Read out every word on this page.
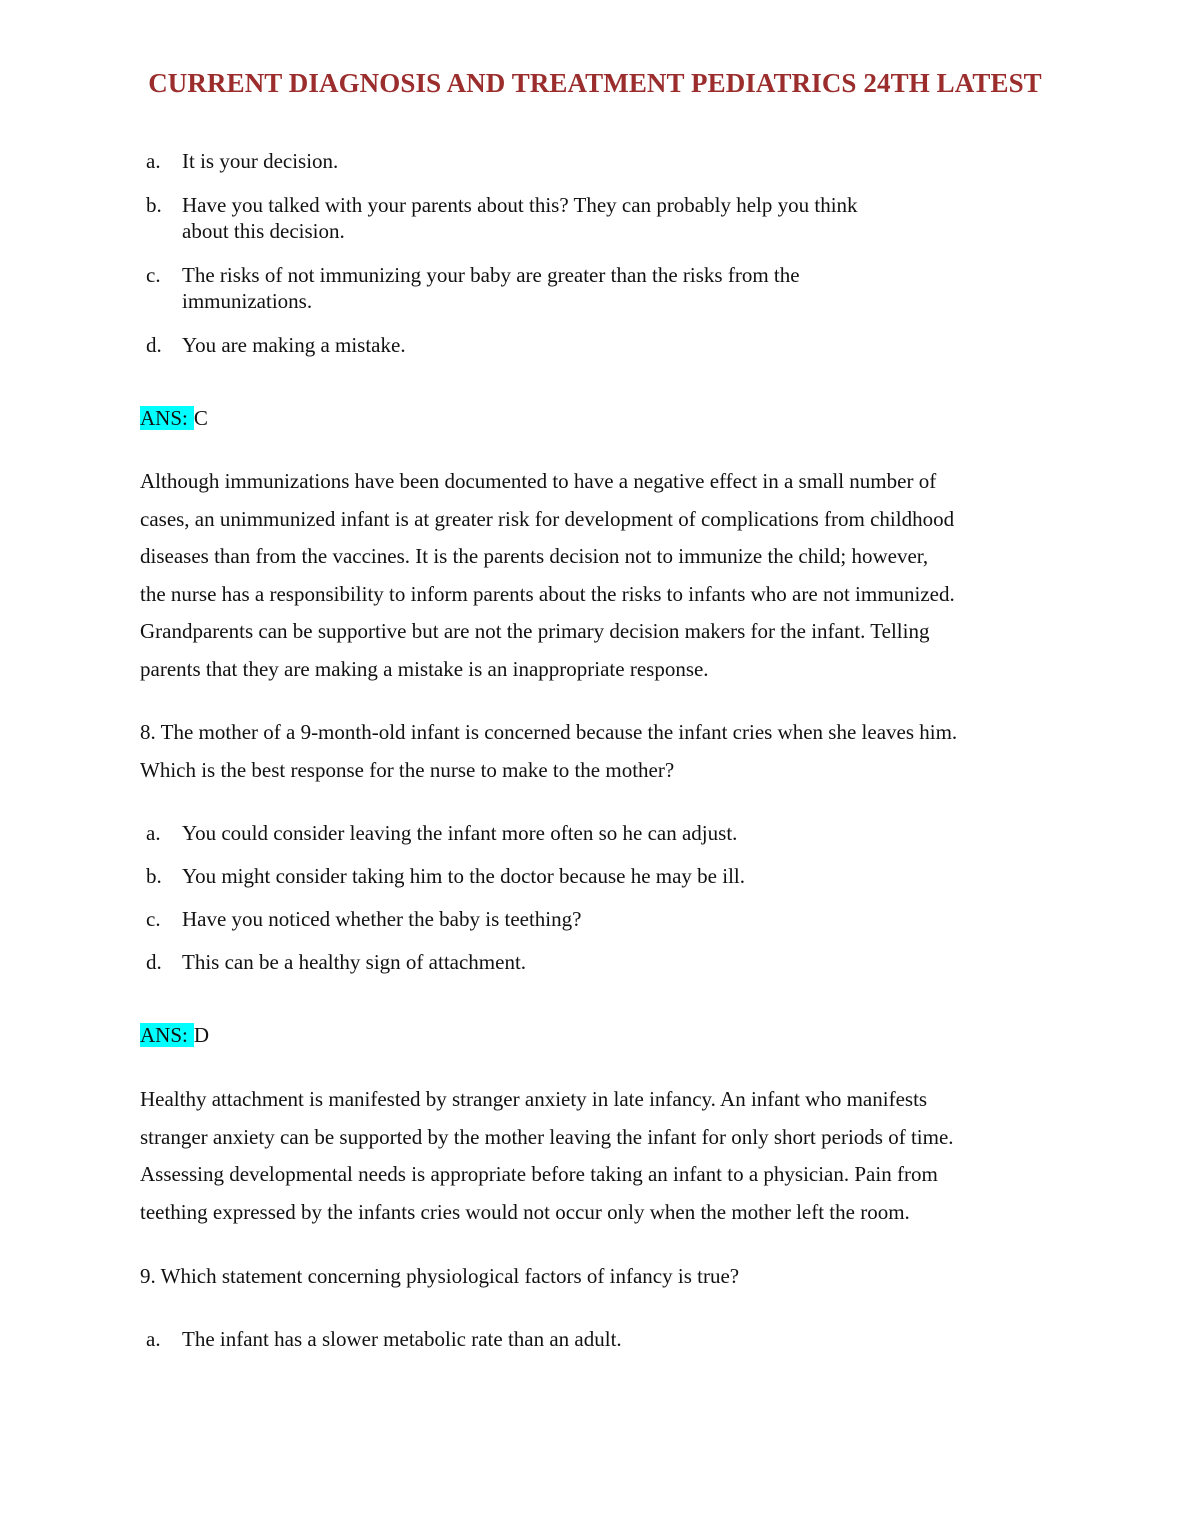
CURRENT DIAGNOSIS AND TREATMENT PEDIATRICS 24TH LATEST
a. It is your decision.
b. Have you talked with your parents about this? They can probably help you think
about this decision.
c. The risks of not immunizing your baby are greater than the risks from the
immunizations.
d. You are making a mistake.
ANS: C
Although immunizations have been documented to have a negative effect in a small number of
cases, an unimmunized infant is at greater risk for development of complications from childhood
diseases than from the vaccines. It is the parents decision not to immunize the child; however,
the nurse has a responsibility to inform parents about the risks to infants who are not immunized.
Grandparents can be supportive but are not the primary decision makers for the infant. Telling
parents that they are making a mistake is an inappropriate response.
8. The mother of a 9-month-old infant is concerned because the infant cries when she leaves him.
Which is the best response for the nurse to make to the mother?
a. You could consider leaving the infant more often so he can adjust.
b. You might consider taking him to the doctor because he may be ill.
c. Have you noticed whether the baby is teething?
d. This can be a healthy sign of attachment.
ANS: D
Healthy attachment is manifested by stranger anxiety in late infancy. An infant who manifests
stranger anxiety can be supported by the mother leaving the infant for only short periods of time.
Assessing developmental needs is appropriate before taking an infant to a physician. Pain from
teething expressed by the infants cries would not occur only when the mother left the room.
9. Which statement concerning physiological factors of infancy is true?
a. The infant has a slower metabolic rate than an adult.
